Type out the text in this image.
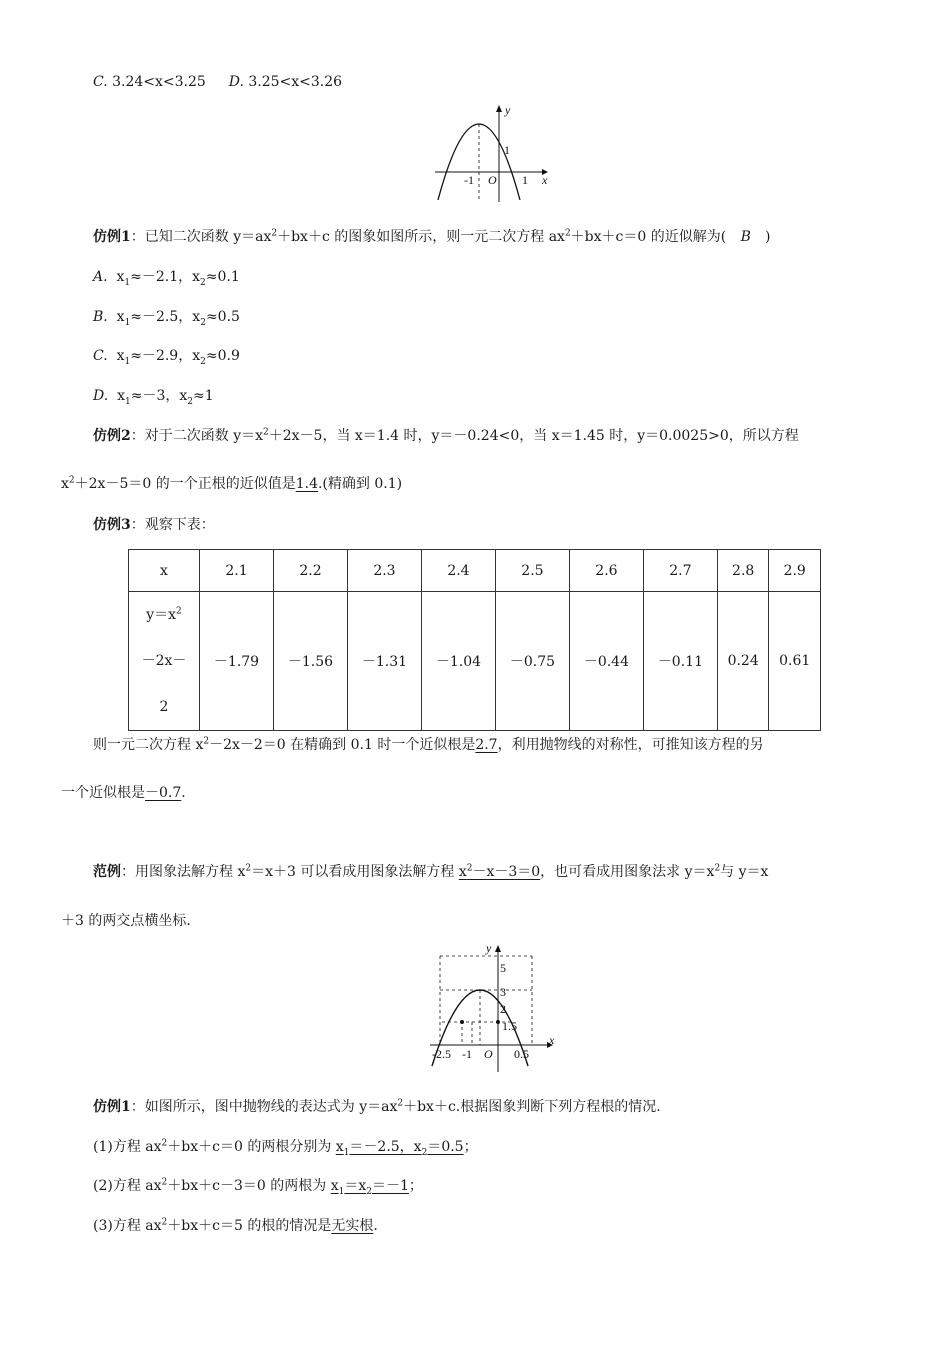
C. 3.24<x<3.25 D. 3.25<x<3.26
y
x
O
-1	1
1
仿例1：已知二次函数 $y=ax^2+bx+c$ 的图象如图所示，则一元二次方程 $ax^2+bx+c=0$ 的近似解为( B )
A. $x_1\approx-2.1$，$x_2\approx 0.1$
B. $x_1\approx-2.5$，$x_2\approx 0.5$
C. $x_1\approx-2.9$，$x_2\approx 0.9$
D. $x_1\approx-3$，$x_2\approx 1$
仿例2：对于二次函数 $y=x^2+2x-5$，当 x＝1.4 时，y＝－0.24<0，当 x＝1.45 时，y＝0.0025>0，所以方程
$x^2+2x-5=0$ 的一个正根的近似值是1.4.(精确到 0.1)
仿例3：观察下表：
x	2.1	2.2	2.3	2.4	2.5	2.6	2.7	2.8	2.9

$y=x^2$
－2x－
2	－1.79	－1.56	－1.31	－1.04	－0.75	－0.44	－0.11	0.24	0.61
则一元二次方程 $x^2-2x-2=0$ 在精确到 0.1 时一个近似根是2.7，利用抛物线的对称性，可推知该方程的另
一个近似根是－0.7.
范例：用图象法解方程 $x^2=x+3$ 可以看成用图象法解方程 $x^2-x-3=0$，也可看成用图象法求 $y=x^2$与 y＝x
＋3 的两交点横坐标.
y
x
O
5
3
2
1.5
-2.5 -1	0.5
仿例1：如图所示，图中抛物线的表达式为 $y=ax^2+bx+c$.根据图象判断下列方程根的情况.
(1)方程 $ax^2+bx+c=0$ 的两根分别为 $x_1=-2.5$，$x_2=0.5$；
(2)方程 $ax^2+bx+c-3=0$ 的两根为 $x_1=x_2=-1$；
(3)方程 $ax^2+bx+c=5$ 的根的情况是无实根.
